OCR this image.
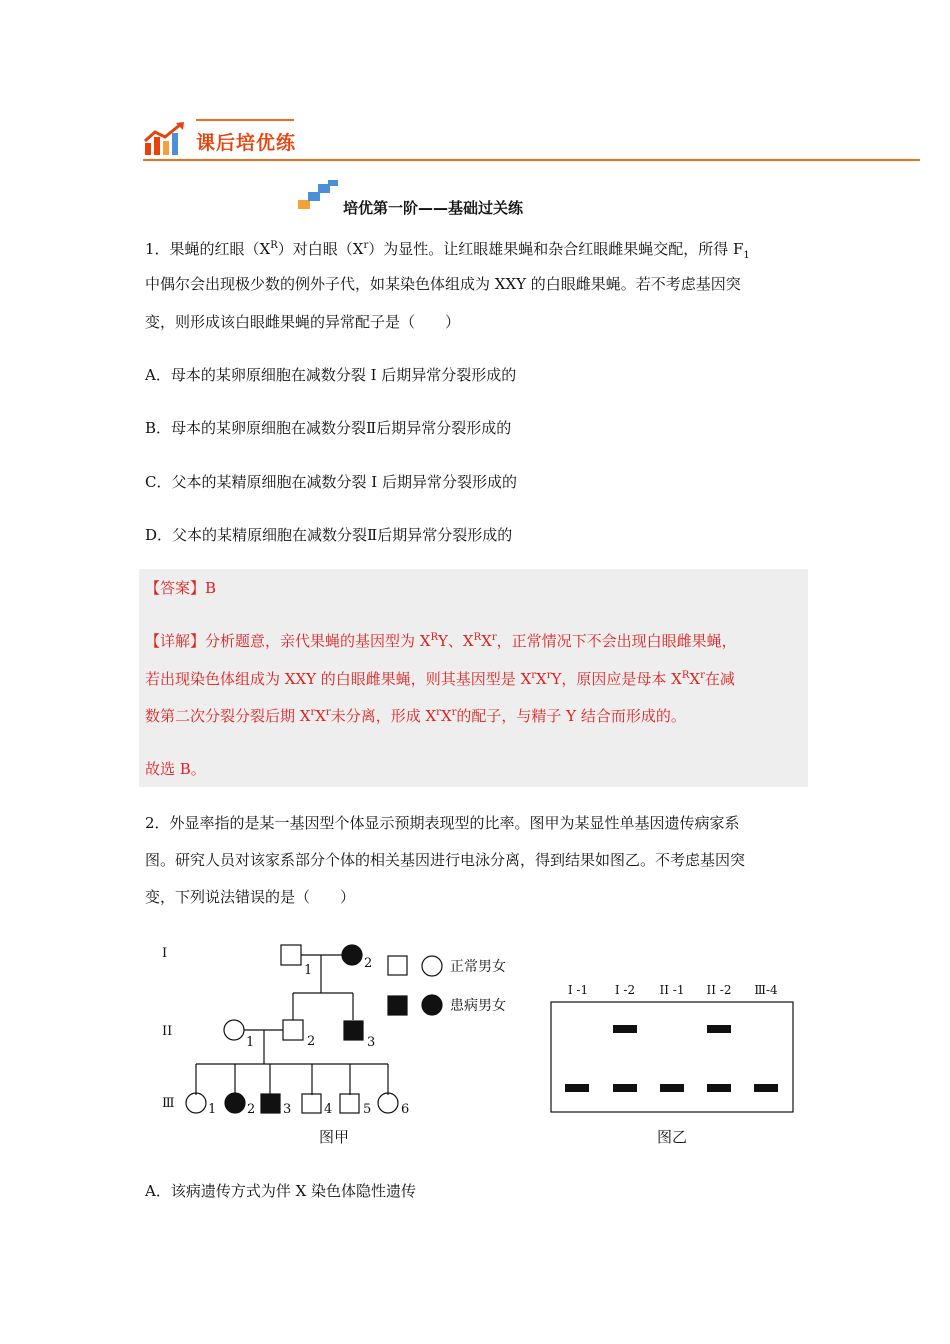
课后培优练
培优第一阶——基础过关练
1．果蝇的红眼$(X^R)$对白眼$(X^r)$为显性。让红眼雄果蝇和杂合红眼雌果蝇交配，所得 $F_1$
中偶尔会出现极少数的例外子代，如某染色体组成为 XXY 的白眼雌果蝇。若不考虑基因突
变，则形成该白眼雌果蝇的异常配子是（　　）
A．母本的某卵原细胞在减数分裂 I 后期异常分裂形成的
B．母本的某卵原细胞在减数分裂Ⅱ后期异常分裂形成的
C．父本的某精原细胞在减数分裂 I 后期异常分裂形成的
D．父本的某精原细胞在减数分裂Ⅱ后期异常分裂形成的
【答案】B
【详解】分析题意，亲代果蝇的基因型为 $X^RY$、$X^RX^r$，正常情况下不会出现白眼雌果蝇，
若出现染色体组成为 XXY 的白眼雌果蝇，则其基因型是 $X^rX^rY$，原因应是母本 $X^RX^r$在减
数第二次分裂分裂后期 $X^rX^r$未分离，形成 $X^rX^r$的配子，与精子 Y 结合而形成的。
故选 B。
2．外显率指的是某一基因型个体显示预期表现型的比率。图甲为某显性单基因遗传病家系
图。研究人员对该家系部分个体的相关基因进行电泳分离，得到结果如图乙。不考虑基因突
变，下列说法错误的是（　　）
I
II
Ⅲ
1	2
1	2	3
1 2 3	4 5 6
正常男女
患病男女
图甲
I -1 I -2 II -1 II -2 Ⅲ-4
图乙
A．该病遗传方式为伴 X 染色体隐性遗传
